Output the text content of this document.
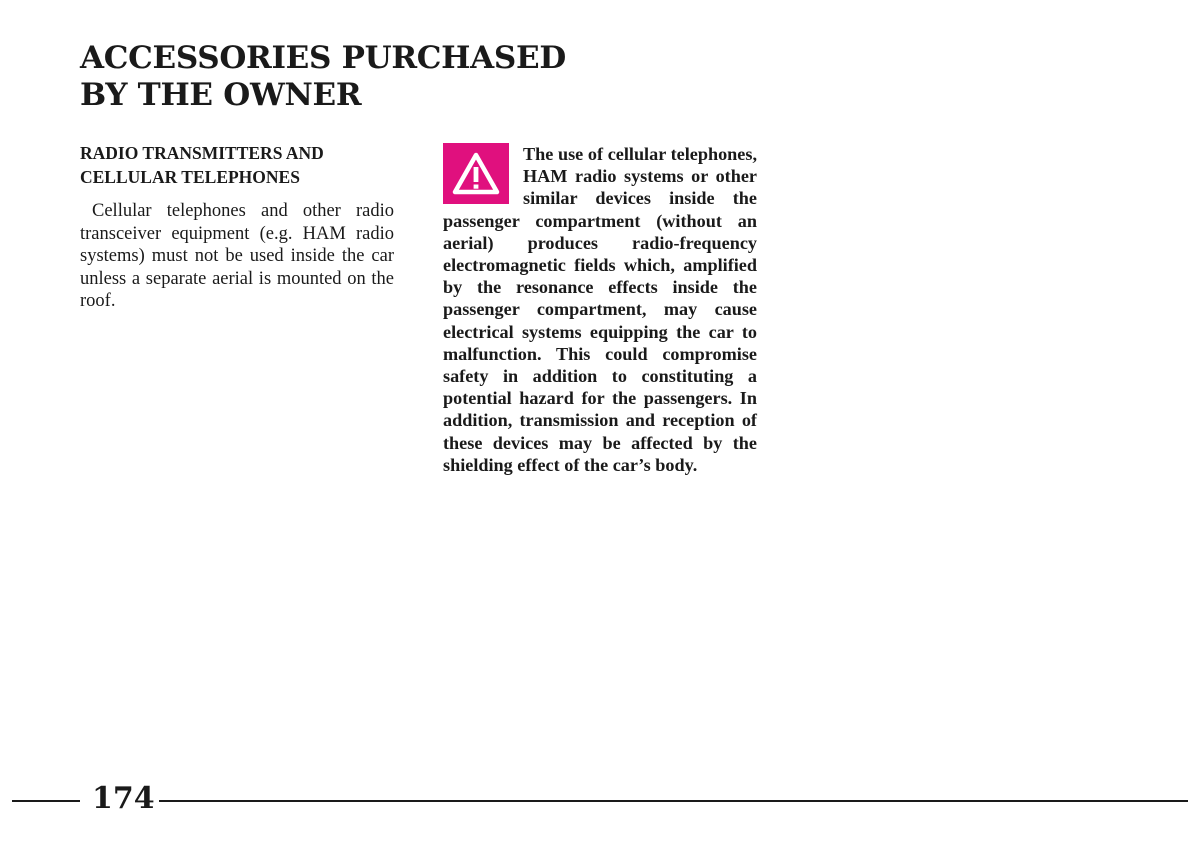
ACCESSORIES PURCHASED
BY THE OWNER
RADIO TRANSMITTERS AND
CELLULAR TELEPHONES

Cellular telephones and other radio transceiver equipment (e.g. HAM radio systems) must not be used inside the car unless a separate aerial is mounted on the roof.

The use of cellular telephones, HAM radio systems or other similar devices inside the passenger compartment (without an aerial) produces radio-frequency electromagnetic fields which, amplified by the resonance effects inside the passenger compartment, may cause electrical systems equipping the car to malfunction. This could compromise safety in addition to constituting a potential hazard for the passengers. In addition, transmission and reception of these devices may be affected by the shielding effect of the car’s body.

174
